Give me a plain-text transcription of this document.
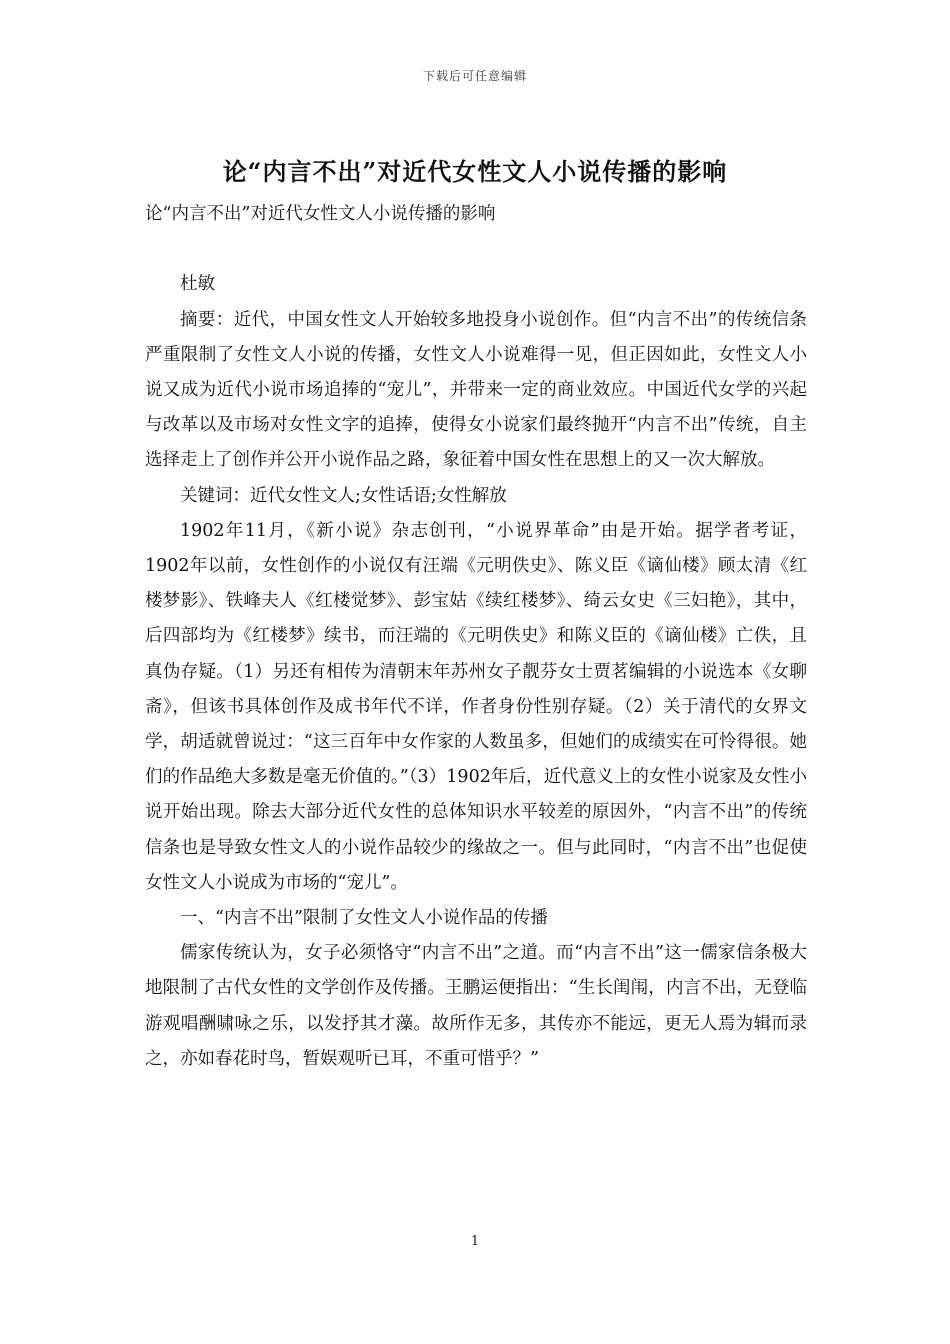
下载后可任意编辑
论“内言不出”对近代女性文人小说传播的影响

论“内言不出”对近代女性文人小说传播的影响

杜敏

摘要：近代，中国女性文人开始较多地投身小说创作。但“内言不出”的传统信条严重限制了女性文人小说的传播，女性文人小说难得一见，但正因如此，女性文人小说又成为近代小说市场追捧的“宠儿”，并带来一定的商业效应。中国近代女学的兴起与改革以及市场对女性文字的追捧，使得女小说家们最终抛开“内言不出”传统，自主选择走上了创作并公开小说作品之路，象征着中国女性在思想上的又一次大解放。

关键词：近代女性文人;女性话语;女性解放

1902年11月，《新小说》杂志创刊，“小说界革命”由是开始。据学者考证，1902年以前，女性创作的小说仅有汪端《元明佚史》、陈义臣《谪仙楼》顾太清《红楼梦影》、铁峰夫人《红楼觉梦》、彭宝姑《续红楼梦》、绮云女史《三妇艳》，其中，后四部均为《红楼梦》续书，而汪端的《元明佚史》和陈义臣的《谪仙楼》亡佚，且真伪存疑。（1）另还有相传为清朝末年苏州女子靓芬女士贾茗编辑的小说选本《女聊斋》，但该书具体创作及成书年代不详，作者身份性别存疑。（2）关于清代的女界文学，胡适就曾说过：“这三百年中女作家的人数虽多，但她们的成绩实在可怜得很。她们的作品绝大多数是毫无价值的。”（3）1902年后，近代意义上的女性小说家及女性小说开始出现。除去大部分近代女性的总体知识水平较差的原因外，“内言不出”的传统信条也是导致女性文人的小说作品较少的缘故之一。但与此同时，“内言不出”也促使女性文人小说成为市场的“宠儿”。

一、“内言不出”限制了女性文人小说作品的传播

儒家传统认为，女子必须恪守“内言不出”之道。而“内言不出”这一儒家信条极大地限制了古代女性的文学创作及传播。王鹏运便指出：“生长闺闱，内言不出，无登临游观唱酬啸咏之乐，以发抒其才藻。故所作无多，其传亦不能远，更无人焉为辑而录之，亦如春花时鸟，暂娱观听已耳，不重可惜乎？”

1
